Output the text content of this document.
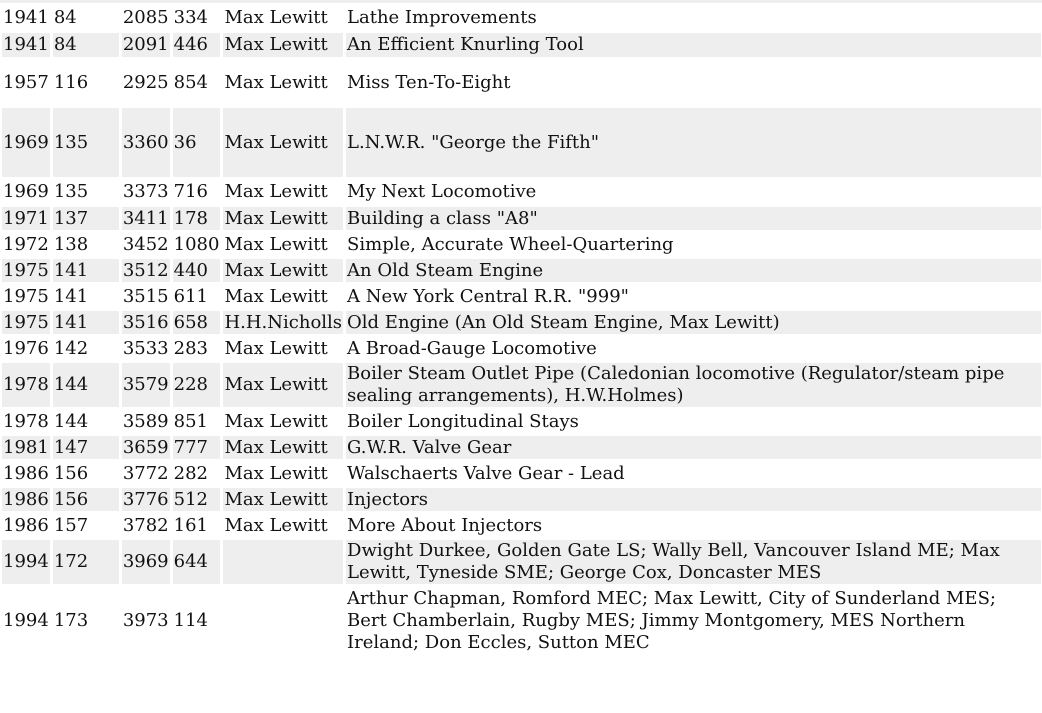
1941	84	2085	334	Max Lewitt	Lathe Improvements
1941	84	2091	446	Max Lewitt	An Efficient Knurling Tool
1957	116	2925	854	Max Lewitt	Miss Ten-To-Eight
1969	135	3360	36	Max Lewitt	L.N.W.R. "George the Fifth"
1969	135	3373	716	Max Lewitt	My Next Locomotive
1971	137	3411	178	Max Lewitt	Building a class "A8"
1972	138	3452	1080	Max Lewitt	Simple, Accurate Wheel-Quartering
1975	141	3512	440	Max Lewitt	An Old Steam Engine
1975	141	3515	611	Max Lewitt	A New York Central R.R. "999"
1975	141	3516	658	H.H.Nicholls	Old Engine (An Old Steam Engine, Max Lewitt)
1976	142	3533	283	Max Lewitt	A Broad-Gauge Locomotive
1978	144	3579	228	Max Lewitt	Boiler Steam Outlet Pipe (Caledonian locomotive (Regulator/steam pipe sealing arrangements), H.W.Holmes)
1978	144	3589	851	Max Lewitt	Boiler Longitudinal Stays
1981	147	3659	777	Max Lewitt	G.W.R. Valve Gear
1986	156	3772	282	Max Lewitt	Walschaerts Valve Gear - Lead
1986	156	3776	512	Max Lewitt	Injectors
1986	157	3782	161	Max Lewitt	More About Injectors
1994	172	3969	644		Dwight Durkee, Golden Gate LS; Wally Bell, Vancouver Island ME; Max Lewitt, Tyneside SME; George Cox, Doncaster MES
1994	173	3973	114		Arthur Chapman, Romford MEC; Max Lewitt, City of Sunderland MES; Bert Chamberlain, Rugby MES; Jimmy Montgomery, MES Northern Ireland; Don Eccles, Sutton MEC
